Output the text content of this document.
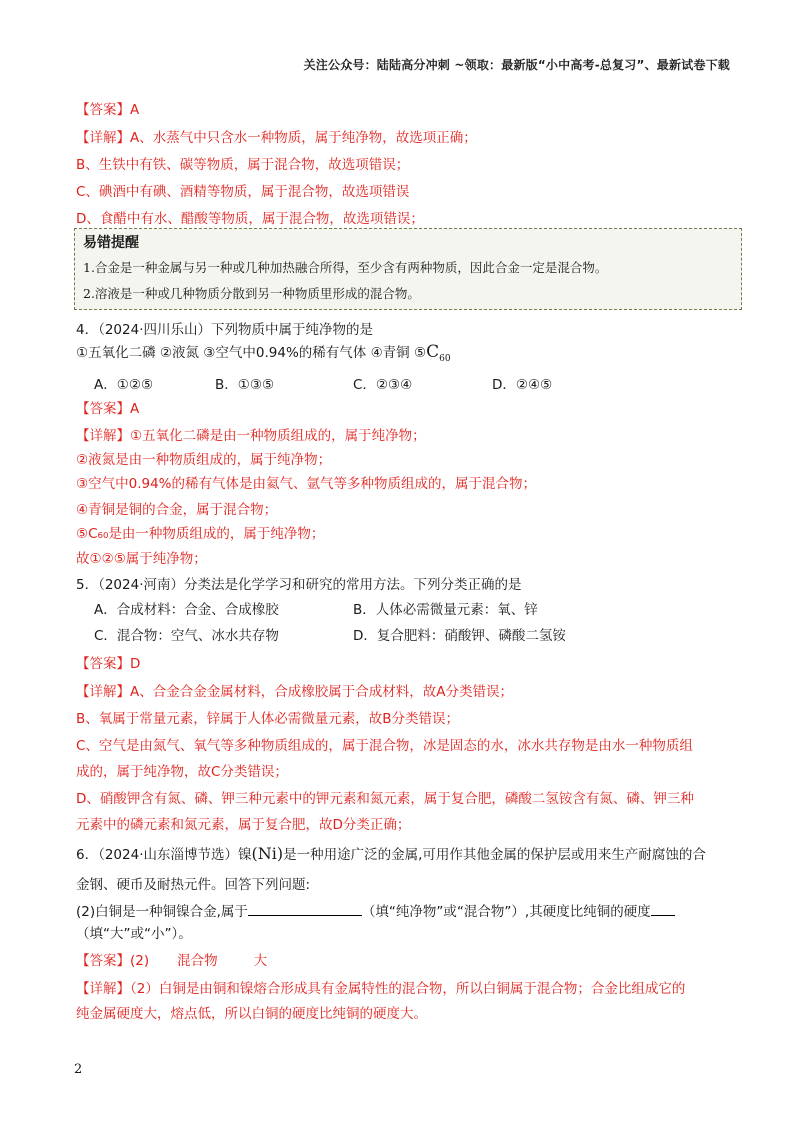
关注公众号：陆陆高分冲刺 ~领取：最新版“小中高考-总复习”、最新试卷下载
【答案】A
【详解】A、水蒸气中只含水一种物质，属于纯净物，故选项正确；
B、生铁中有铁、碳等物质，属于混合物，故选项错误；
C、碘酒中有碘、酒精等物质，属于混合物，故选项错误
D、食醋中有水、醋酸等物质，属于混合物，故选项错误；
易错提醒
1.合金是一种金属与另一种或几种加热融合所得，至少含有两种物质，因此合金一定是混合物。
2.溶液是一种或几种物质分散到另一种物质里形成的混合物。
4．（2024·四川乐山）下列物质中属于纯净物的是
①五氧化二磷 ②液氮 ③空气中0.94%的稀有气体 ④青铜 $⑤C_{60}$
A．①②⑤	B．①③⑤	C．②③④	D．②④⑤
【答案】A
【详解】①五氧化二磷是由一种物质组成的，属于纯净物；
②液氮是由一种物质组成的，属于纯净物；
③空气中0.94%的稀有气体是由氦气、氩气等多种物质组成的，属于混合物；
④青铜是铜的合金，属于混合物；
⑤C₆₀是由一种物质组成的，属于纯净物；
故①②⑤属于纯净物；
5．（2024·河南）分类法是化学学习和研究的常用方法。下列分类正确的是
A．合成材料：合金、合成橡胶	B．人体必需微量元素：氧、锌
C．混合物：空气、冰水共存物	D．复合肥料：硝酸钾、磷酸二氢铵
【答案】D
【详解】A、合金合金金属材料，合成橡胶属于合成材料，故A分类错误；
B、氧属于常量元素，锌属于人体必需微量元素，故B分类错误；
C、空气是由氮气、氧气等多种物质组成的，属于混合物，冰是固态的水，冰水共存物是由水一种物质组
成的，属于纯净物，故C分类错误；
D、硝酸钾含有氮、磷、钾三种元素中的钾元素和氮元素，属于复合肥，磷酸二氢铵含有氮、磷、钾三种
元素中的磷元素和氮元素，属于复合肥，故D分类正确；
6．（2024·山东淄博节选）镍(Ni)是一种用途广泛的金属,可用作其他金属的保护层或用来生产耐腐蚀的合
金钢、硬币及耐热元件。回答下列问题:
(2)白铜是一种铜镍合金,属于	（填“纯净物”或“混合物”）,其硬度比纯铜的硬度
（填“大”或“小”）。
【答案】(2) 混合物	大
【详解】（2）白铜是由铜和镍熔合形成具有金属特性的混合物，所以白铜属于混合物；合金比组成它的
纯金属硬度大，熔点低，所以白铜的硬度比纯铜的硬度大。
2
